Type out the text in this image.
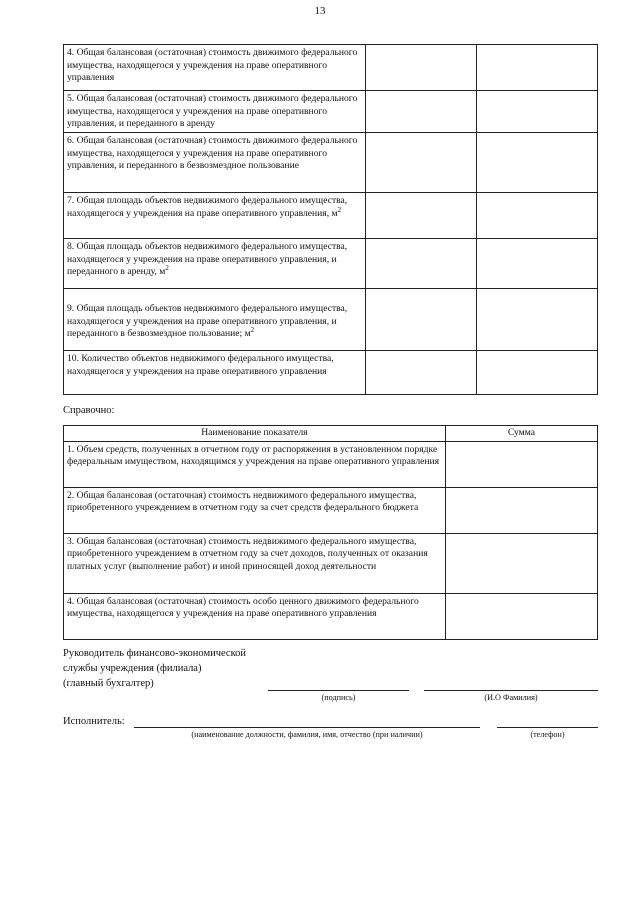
13
4. Общая балансовая (остаточная) стоимость движимого федерального имущества, находящегося у учреждения на праве оперативного управления		
5. Общая балансовая (остаточная) стоимость движимого федерального имущества, находящегося у учреждения на праве оперативного управления, и переданного в аренду		
6. Общая балансовая (остаточная) стоимость движимого федерального имущества, находящегося у учреждения на праве оперативного управления, и переданного в безвозмездное пользование		
7. Общая площадь объектов недвижимого федерального имущества, находящегося у учреждения на праве оперативного управления, $м^2$		
8. Общая площадь объектов недвижимого федерального имущества, находящегося у учреждения на праве оперативного управления, и переданного в аренду, $м^2$		
9. Общая площадь объектов недвижимого федерального имущества, находящегося у учреждения на праве оперативного управления, и переданного в безвозмездное пользование; $м^2$		
10. Количество объектов недвижимого федерального имущества, находящегося у учреждения на праве оперативного управления		
Справочно:
Наименование показателя	Сумма
1. Объем средств, полученных в отчетном году от распоряжения в установленном порядке федеральным имуществом, находящимся у учреждения на праве оперативного управления	
2. Общая балансовая (остаточная) стоимость недвижимого федерального имущества, приобретенного учреждением в отчетном году за счет средств федерального бюджета	
3. Общая балансовая (остаточная) стоимость недвижимого федерального имущества, приобретенного учреждением в отчетном году за счет доходов, полученных от оказания платных услуг (выполнение работ) и иной приносящей доход деятельности	
4. Общая балансовая (остаточная) стоимость особо ценного движимого федерального имущества, находящегося у учреждения на праве оперативного управления	
Руководитель финансово-экономической
службы учреждения (филиала)
(главный бухгалтер)
(подпись)	(И.О Фамилия)
Исполнитель:
(наименование должности, фамилия, имя, отчество (при наличии)	(телефон)
